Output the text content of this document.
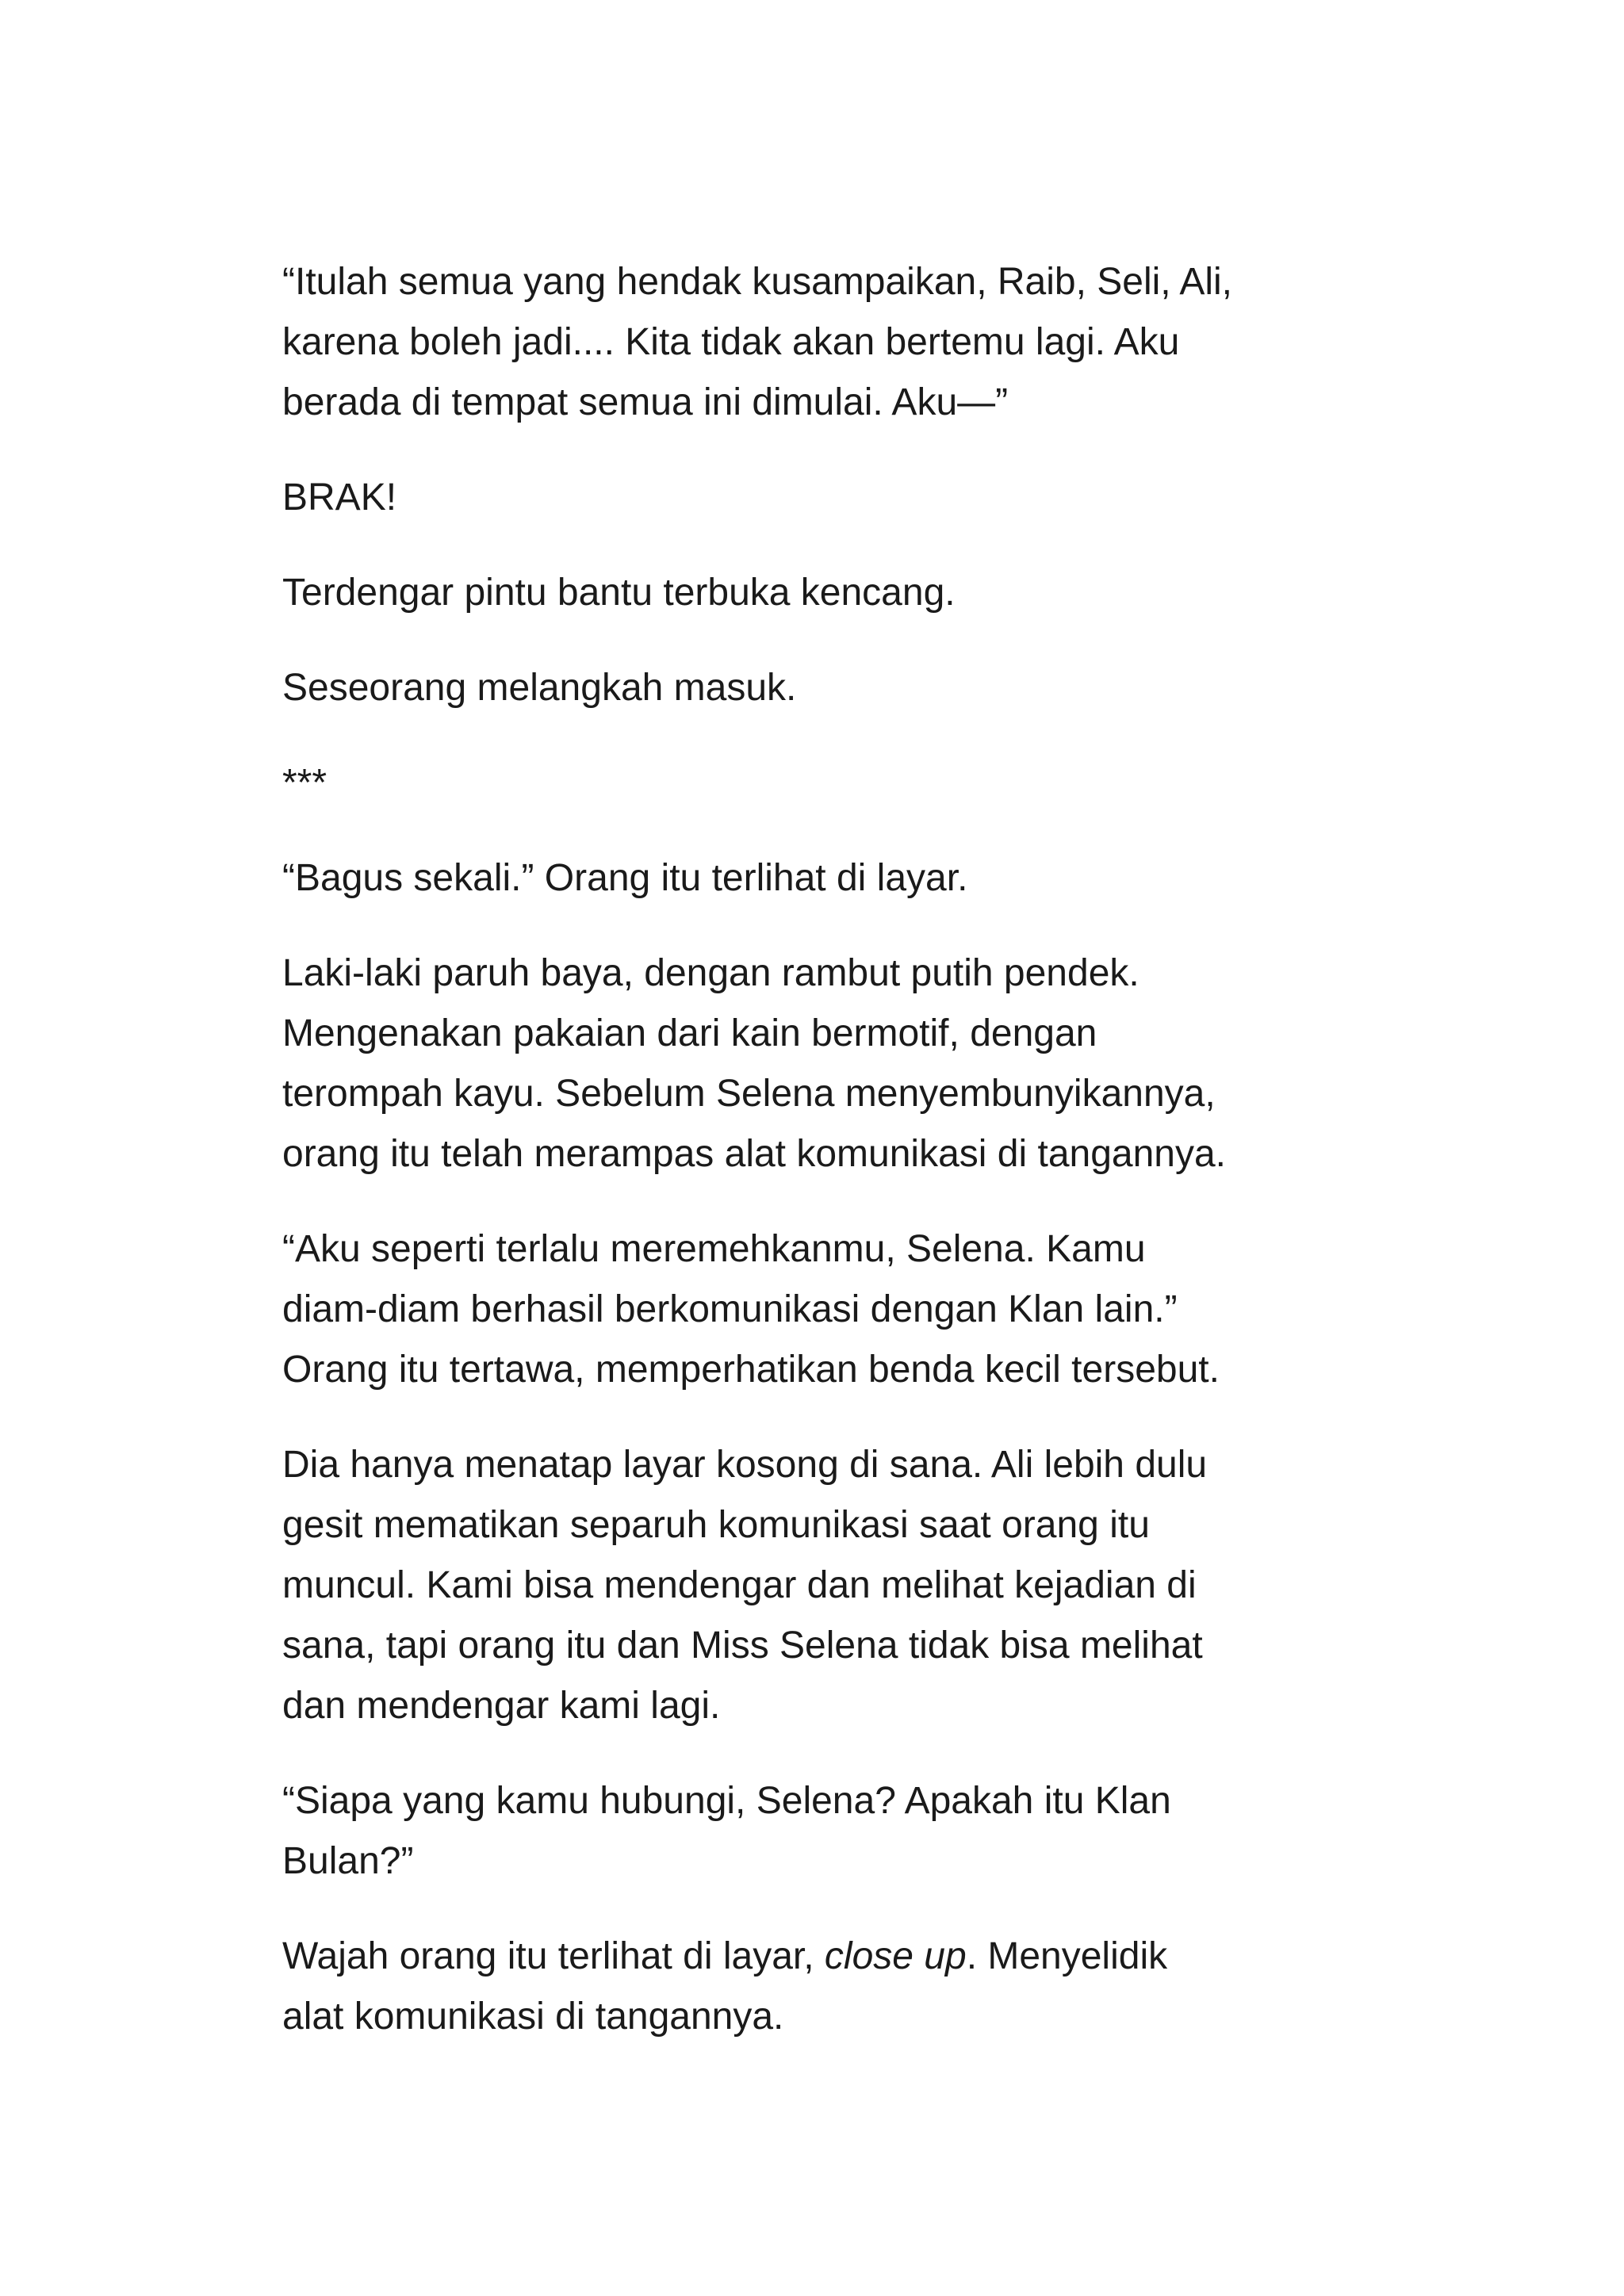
“Itulah semua yang hendak kusampaikan, Raib, Seli, Ali,
karena boleh jadi.... Kita tidak akan bertemu lagi. Aku
berada di tempat semua ini dimulai. Aku—”

BRAK!

Terdengar pintu bantu terbuka kencang.

Seseorang melangkah masuk.

***

“Bagus sekali.” Orang itu terlihat di layar.

Laki-laki paruh baya, dengan rambut putih pendek.
Mengenakan pakaian dari kain bermotif, dengan
terompah kayu. Sebelum Selena menyembunyikannya,
orang itu telah merampas alat komunikasi di tangannya.

“Aku seperti terlalu meremehkanmu, Selena. Kamu
diam-diam berhasil berkomunikasi dengan Klan lain.”
Orang itu tertawa, memperhatikan benda kecil tersebut.

Dia hanya menatap layar kosong di sana. Ali lebih dulu
gesit mematikan separuh komunikasi saat orang itu
muncul. Kami bisa mendengar dan melihat kejadian di
sana, tapi orang itu dan Miss Selena tidak bisa melihat
dan mendengar kami lagi.

“Siapa yang kamu hubungi, Selena? Apakah itu Klan
Bulan?”

Wajah orang itu terlihat di layar, close up. Menyelidik
alat komunikasi di tangannya.
